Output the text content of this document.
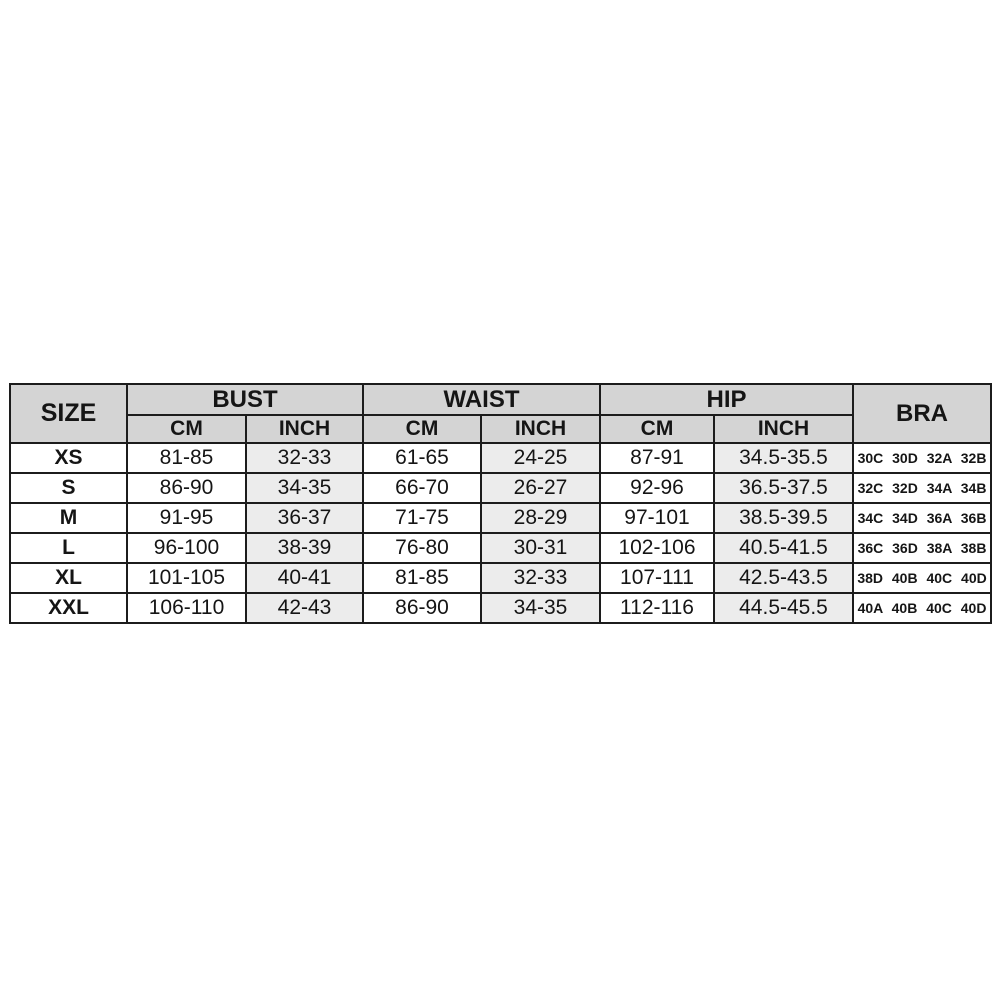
SIZE	BUST		WAIST		HIP		BRA
	CM	INCH	CM	INCH	CM	INCH	
XS	81-85	32-33	61-65	24-25	87-91	34.5-35.5	30C 30D 32A 32B
S	86-90	34-35	66-70	26-27	92-96	36.5-37.5	32C 32D 34A 34B
M	91-95	36-37	71-75	28-29	97-101	38.5-39.5	34C 34D 36A 36B
L	96-100	38-39	76-80	30-31	102-106	40.5-41.5	36C 36D 38A 38B
XL	101-105	40-41	81-85	32-33	107-111	42.5-43.5	38D 40B 40C 40D
XXL	106-110	42-43	86-90	34-35	112-116	44.5-45.5	40A 40B 40C 40D
